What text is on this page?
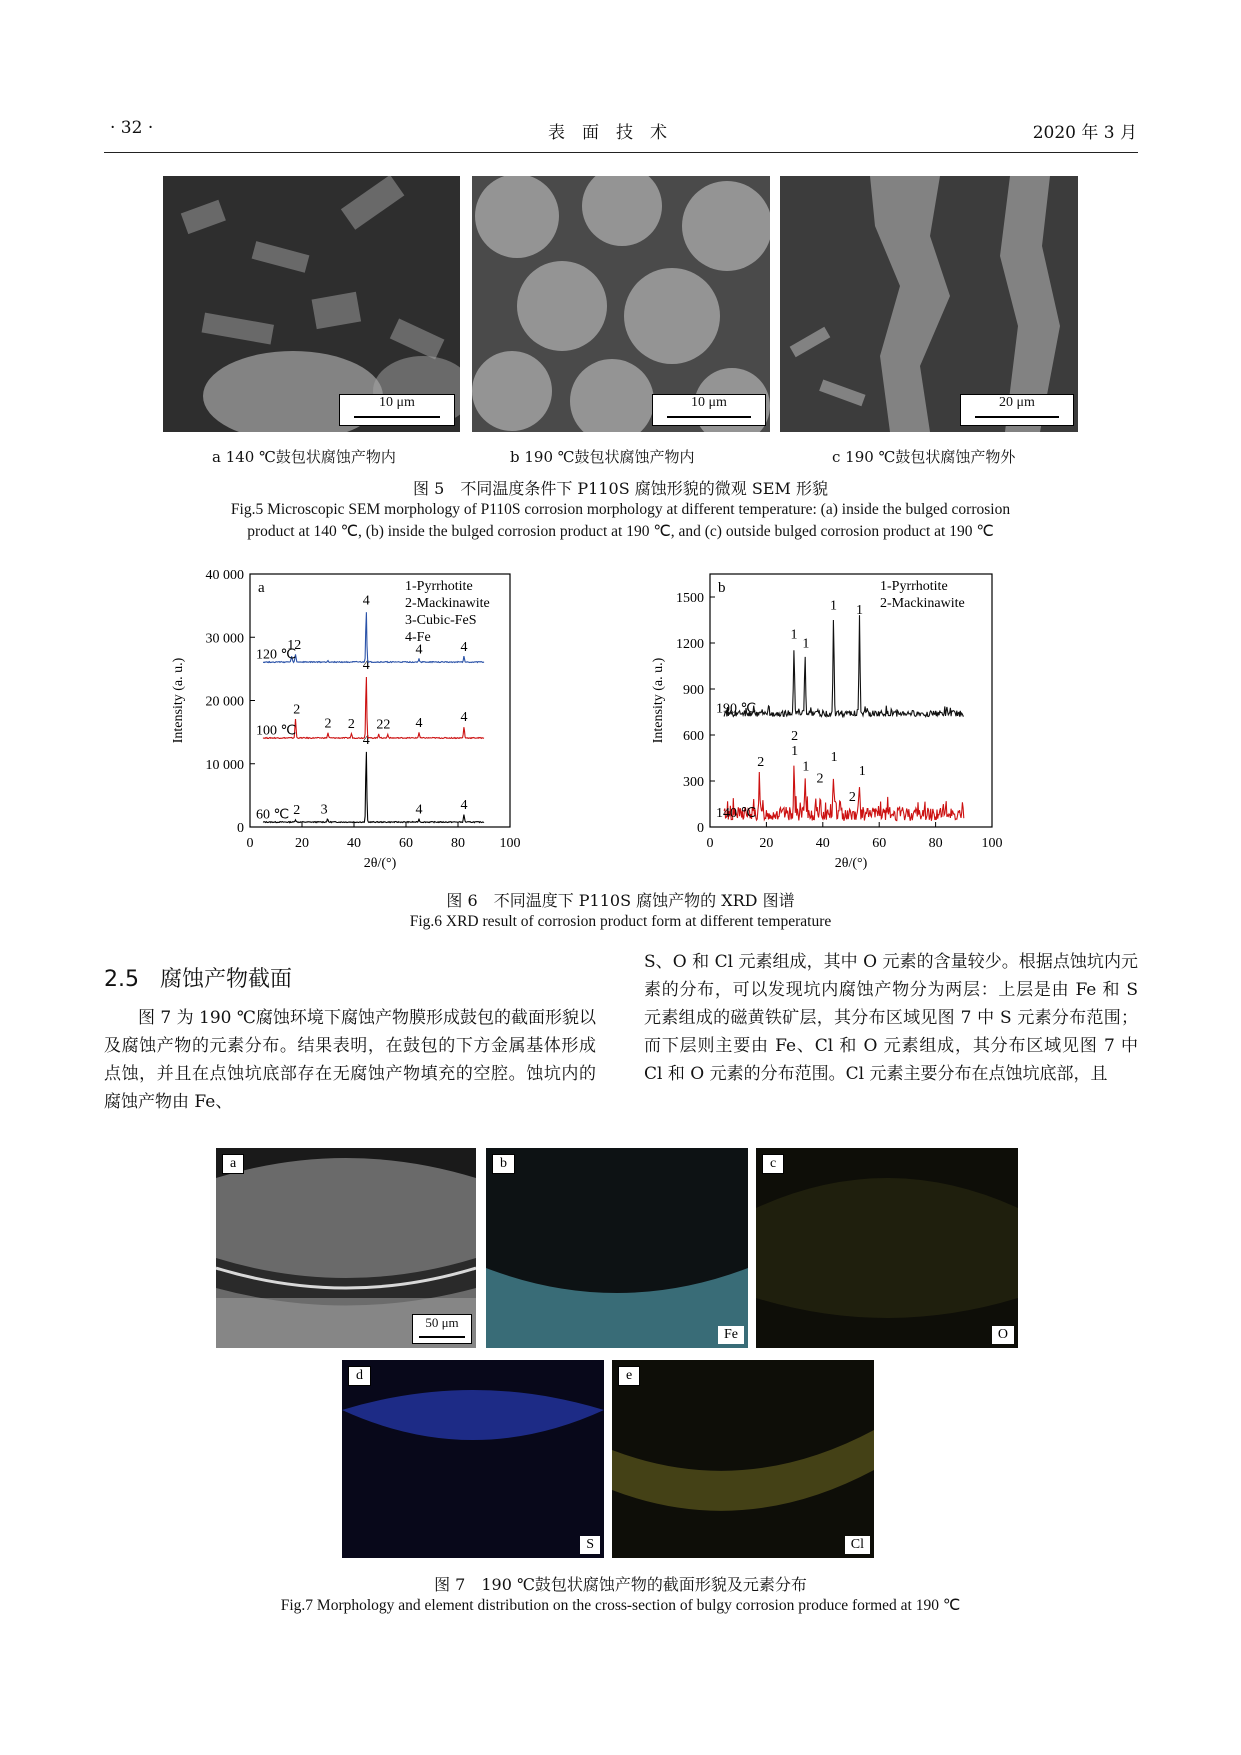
· 32 ·	表　面　技　术	2020 年 3 月
10 μm	10 μm	20 μm
a 140 ℃鼓包状腐蚀产物内	b 190 ℃鼓包状腐蚀产物内	c 190 ℃鼓包状腐蚀产物外
图 5　不同温度条件下 P110S 腐蚀形貌的微观 SEM 形貌
Fig.5 Microscopic SEM morphology of P110S corrosion morphology at different temperature: (a) inside the bulged corrosion
product at 140 ℃, (b) inside the bulged corrosion product at 190 ℃, and (c) outside bulged corrosion product at 190 ℃
0	20	40	60	80 100
0
10 000
20 000
30 000
40 000
2θ/(°)
Intensity (a. u.)
a	1-Pyrrhotite
2-Mackinawite
3-Cubic-FeS
4-Fe
60 ℃ 2 3
4
4	4
100 ℃
2
2 2 22 4	4
4
120 ℃
12
4
4	4
0	20	40	60	80	100
0
300
600
900
1200
1500
2θ/(°)
Intensity (a. u.)
b	1-Pyrrhotite
2-Mackinawite
140 ℃
2
1
2
1
2
1
2
1
190 ℃
1
1
1 1
图 6　不同温度下 P110S 腐蚀产物的 XRD 图谱
Fig.6 XRD result of corrosion product form at different temperature
2.5 腐蚀产物截面
　　图 7 为 190 ℃腐蚀环境下腐蚀产物膜形成鼓包的截面形貌以及腐蚀产物的元素分布。结果表明，在鼓包的下方金属基体形成点蚀，并且在点蚀坑底部存在无腐蚀产物填充的空腔。蚀坑内的腐蚀产物由 Fe、
S、O 和 Cl 元素组成，其中 O 元素的含量较少。根据点蚀坑内元素的分布，可以发现坑内腐蚀产物分为两层：上层是由 Fe 和 S 元素组成的磁黄铁矿层，其分布区域见图 7 中 S 元素分布范围；而下层则主要由 Fe、Cl 和 O 元素组成，其分布区域见图 7 中 Cl 和 O 元素的分布范围。Cl 元素主要分布在点蚀坑底部，且
a
50 μm
b
Fe
c
O
d
S
e
Cl
图 7　190 ℃鼓包状腐蚀产物的截面形貌及元素分布
Fig.7 Morphology and element distribution on the cross-section of bulgy corrosion produce formed at 190 ℃
